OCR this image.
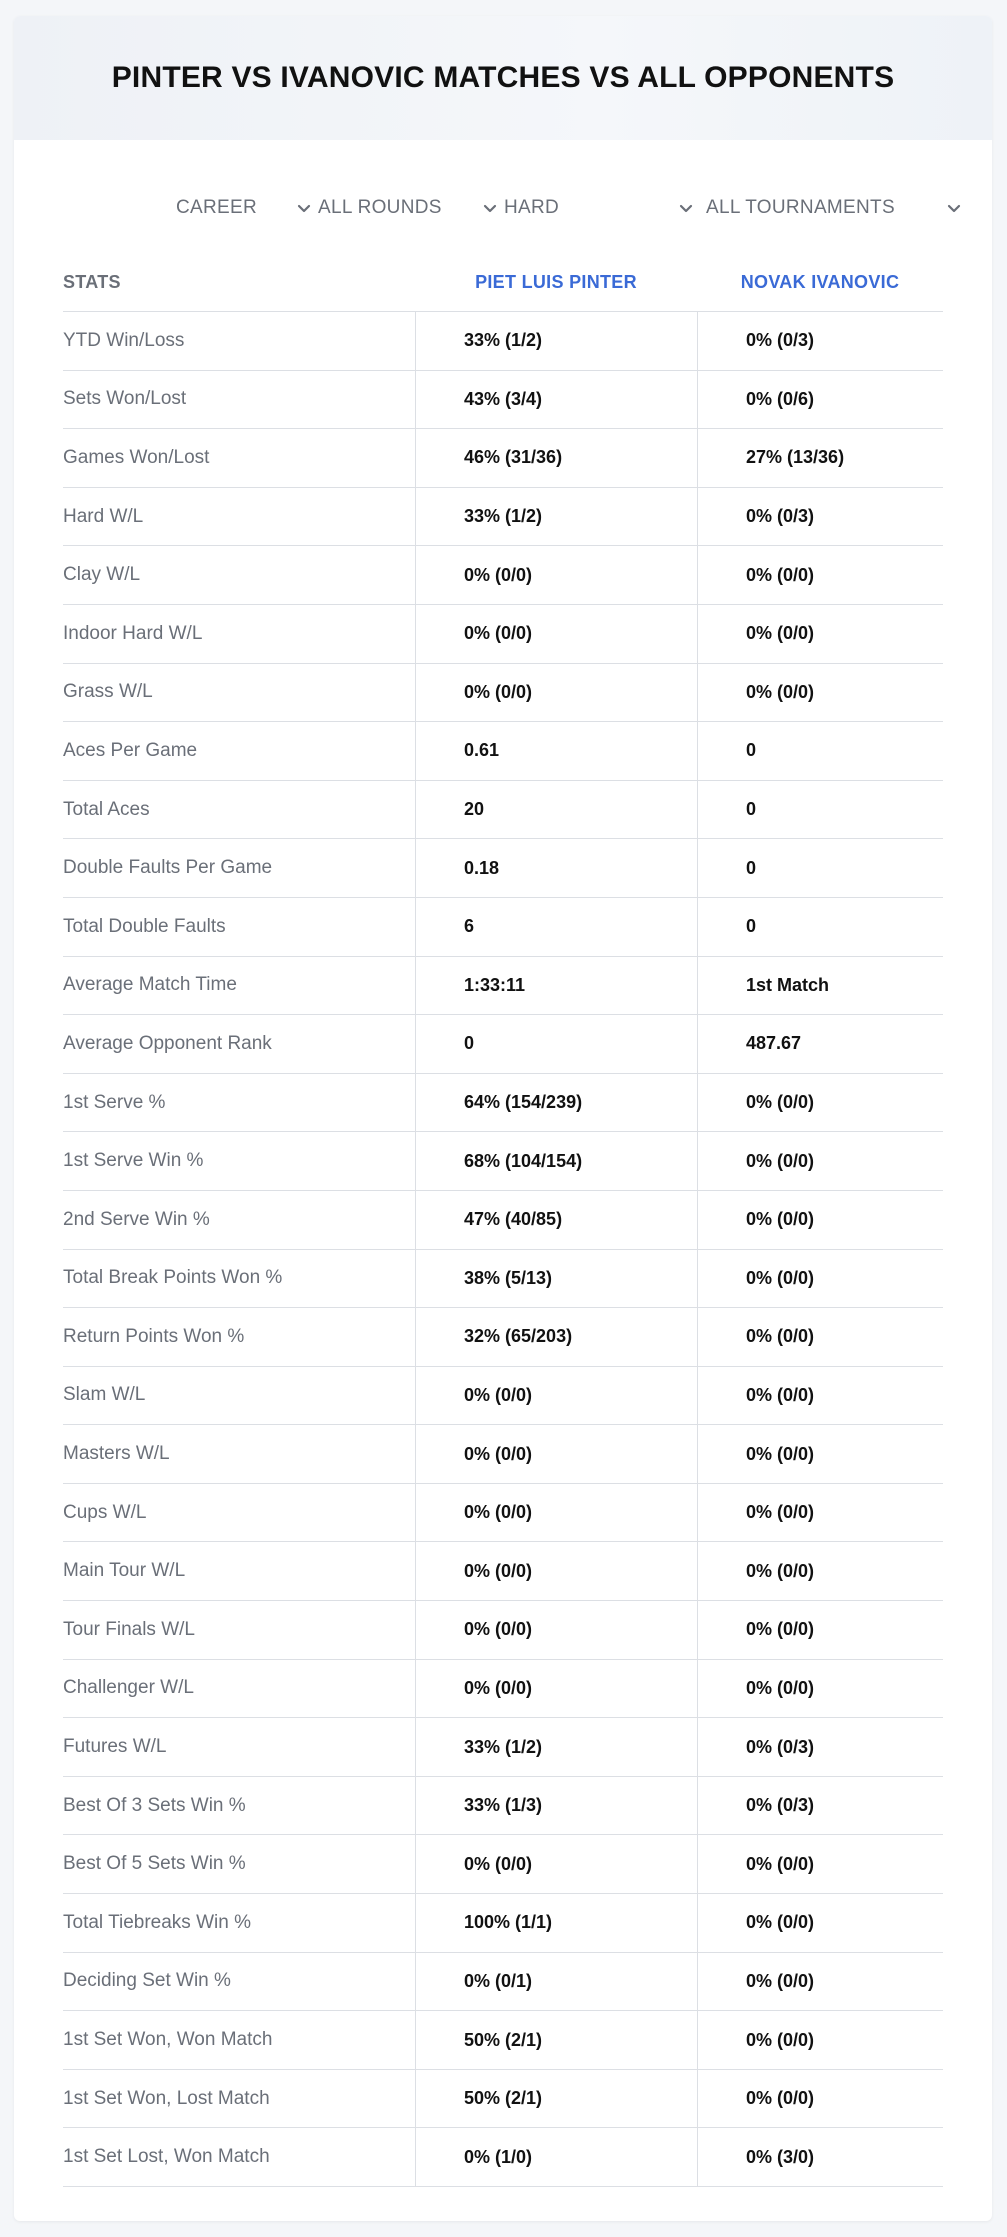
PINTER VS IVANOVIC MATCHES VS ALL OPPONENTS
CAREER	ALL ROUNDS	HARD	ALL TOURNAMENTS
STATS	PIET LUIS PINTER	NOVAK IVANOVIC
YTD Win/Loss	33% (1/2)	0% (0/3)
Sets Won/Lost	43% (3/4)	0% (0/6)
Games Won/Lost	46% (31/36)	27% (13/36)
Hard W/L	33% (1/2)	0% (0/3)
Clay W/L	0% (0/0)	0% (0/0)
Indoor Hard W/L	0% (0/0)	0% (0/0)
Grass W/L	0% (0/0)	0% (0/0)
Aces Per Game	0.61	0
Total Aces	20	0
Double Faults Per Game	0.18	0
Total Double Faults	6	0
Average Match Time	1:33:11	1st Match
Average Opponent Rank	0	487.67
1st Serve %	64% (154/239)	0% (0/0)
1st Serve Win %	68% (104/154)	0% (0/0)
2nd Serve Win %	47% (40/85)	0% (0/0)
Total Break Points Won %	38% (5/13)	0% (0/0)
Return Points Won %	32% (65/203)	0% (0/0)
Slam W/L	0% (0/0)	0% (0/0)
Masters W/L	0% (0/0)	0% (0/0)
Cups W/L	0% (0/0)	0% (0/0)
Main Tour W/L	0% (0/0)	0% (0/0)
Tour Finals W/L	0% (0/0)	0% (0/0)
Challenger W/L	0% (0/0)	0% (0/0)
Futures W/L	33% (1/2)	0% (0/3)
Best Of 3 Sets Win %	33% (1/3)	0% (0/3)
Best Of 5 Sets Win %	0% (0/0)	0% (0/0)
Total Tiebreaks Win %	100% (1/1)	0% (0/0)
Deciding Set Win %	0% (0/1)	0% (0/0)
1st Set Won, Won Match	50% (2/1)	0% (0/0)
1st Set Won, Lost Match	50% (2/1)	0% (0/0)
1st Set Lost, Won Match	0% (1/0)	0% (3/0)
